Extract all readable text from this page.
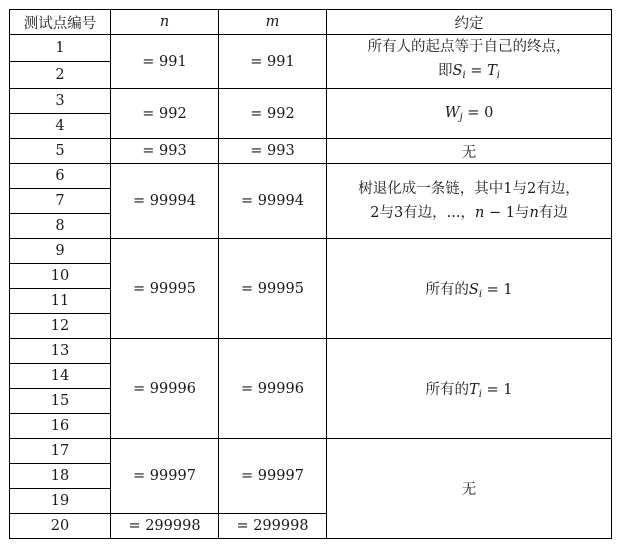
测试点编号	n	m	约定
1	= 991	= 991	所有人的起点等于自己的终点，
即$S_i = T_i$

2			
3	= 992	= 992	$W_j = 0$
4			
5	= 993	= 993	无
6	= 99994	= 99994	树退化成一条链，其中1与2有边，
2与3有边，...，n − 1与n有边

7			
8			
9	= 99995	= 99995	所有的$S_i = 1$
10			
11			
12			
13	= 99996	= 99996	所有的$T_i = 1$
14			
15			
16			
17	= 99997	= 99997	无
18			
19			
20	= 299998	= 299998	
